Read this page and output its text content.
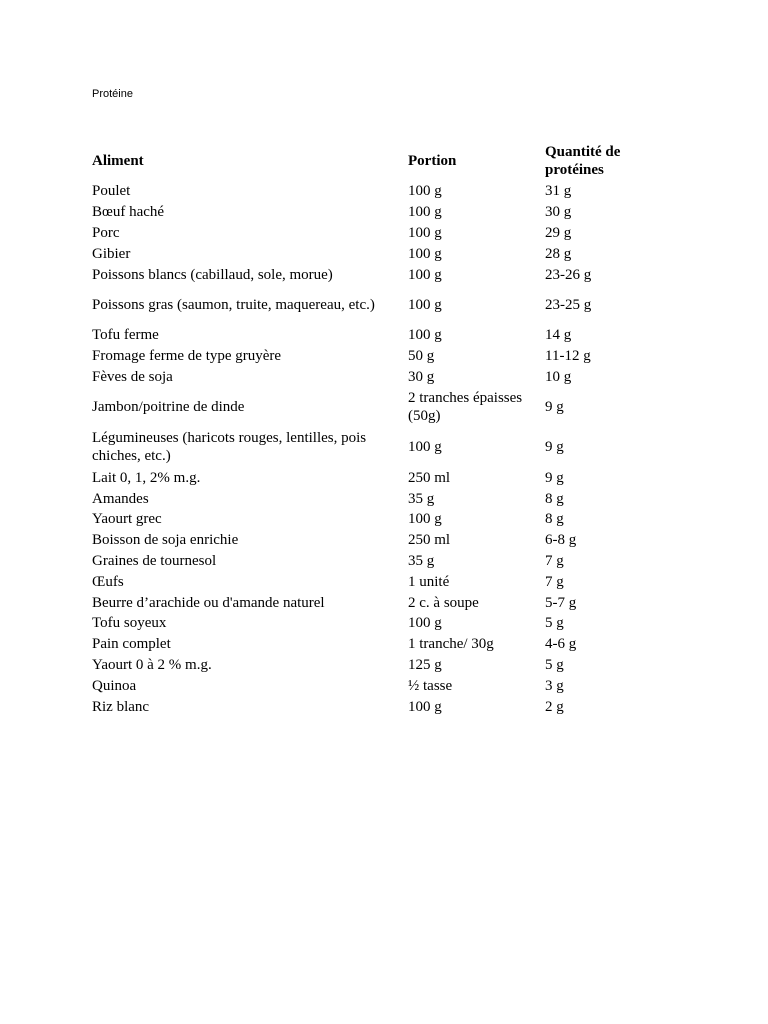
Protéine
Aliment	Portion	Quantité de protéines
Poulet	100 g	31 g
Bœuf haché	100 g	30 g
Porc	100 g	29 g
Gibier	100 g	28 g
Poissons blancs (cabillaud, sole, morue)	100 g	23-26 g
Poissons gras (saumon, truite, maquereau, etc.)	100 g	23-25 g
Tofu ferme	100 g	14 g
Fromage ferme de type gruyère	50 g	11-12 g
Fèves de soja	30 g	10 g
Jambon/poitrine de dinde	2 tranches épaisses (50g)	9 g
Légumineuses (haricots rouges, lentilles, pois chiches, etc.)	100 g	9 g
Lait 0, 1, 2% m.g.	250 ml	9 g
Amandes	35 g	8 g
Yaourt grec	100 g	8 g
Boisson de soja enrichie	250 ml	6-8 g
Graines de tournesol	35 g	7 g
Œufs	1 unité	7 g
Beurre d’arachide ou d'amande naturel	2 c. à soupe	5-7 g
Tofu soyeux	100 g	5 g
Pain complet	1 tranche/ 30g	4-6 g
Yaourt 0 à 2 % m.g.	125 g	5 g
Quinoa	½ tasse	3 g
Riz blanc	100 g	2 g
